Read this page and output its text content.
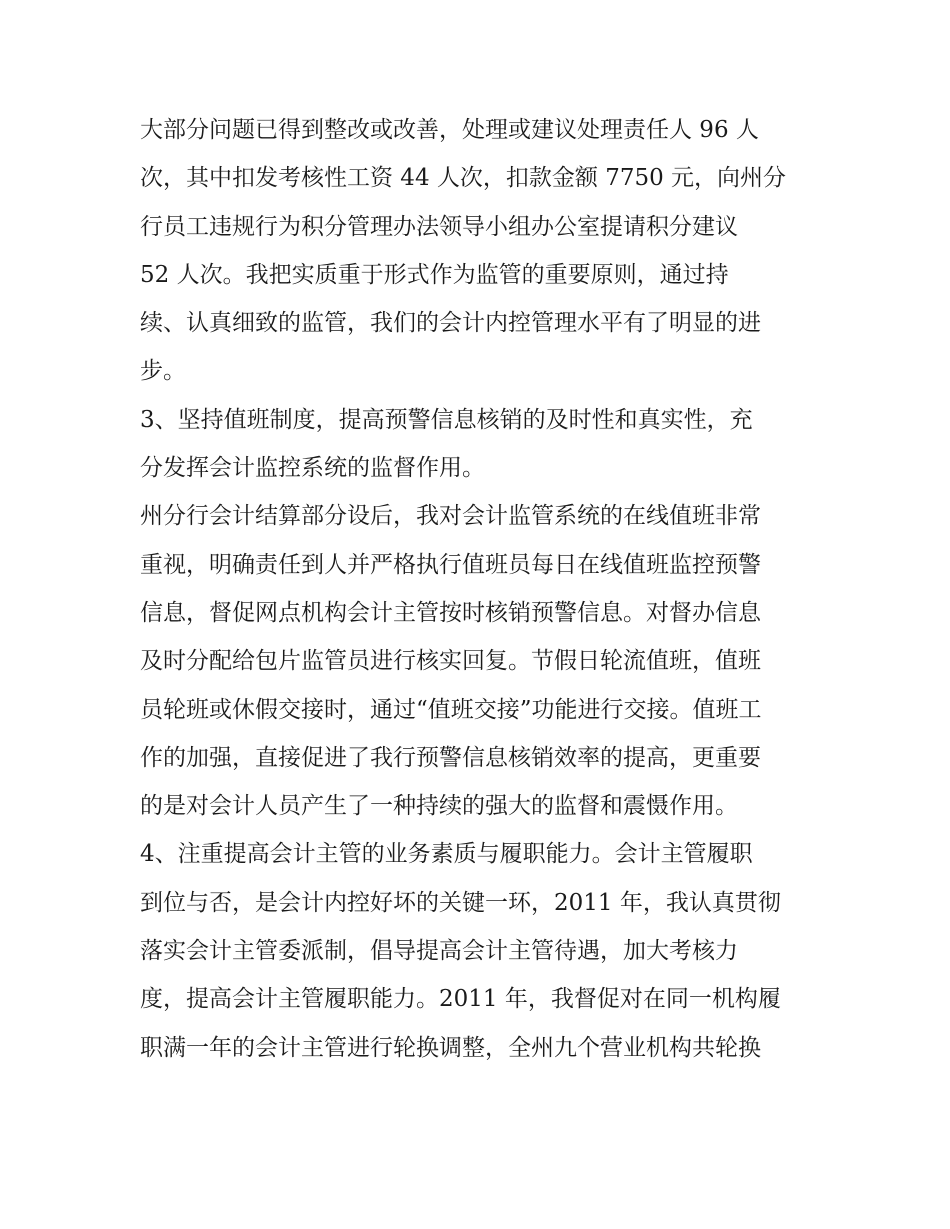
大部分问题已得到整改或改善，处理或建议处理责任人 96 人
次，其中扣发考核性工资 44 人次，扣款金额 7750 元，向州分
行员工违规行为积分管理办法领导小组办公室提请积分建议
52 人次。我把实质重于形式作为监管的重要原则，通过持
续、认真细致的监管，我们的会计内控管理水平有了明显的进
步。
3、坚持值班制度，提高预警信息核销的及时性和真实性，充
分发挥会计监控系统的监督作用。
州分行会计结算部分设后，我对会计监管系统的在线值班非常
重视，明确责任到人并严格执行值班员每日在线值班监控预警
信息，督促网点机构会计主管按时核销预警信息。对督办信息
及时分配给包片监管员进行核实回复。节假日轮流值班，值班
员轮班或休假交接时，通过“值班交接”功能进行交接。值班工
作的加强，直接促进了我行预警信息核销效率的提高，更重要
的是对会计人员产生了一种持续的强大的监督和震慑作用。
4、注重提高会计主管的业务素质与履职能力。会计主管履职
到位与否，是会计内控好坏的关键一环，2011 年，我认真贯彻
落实会计主管委派制，倡导提高会计主管待遇，加大考核力
度，提高会计主管履职能力。2011 年，我督促对在同一机构履
职满一年的会计主管进行轮换调整，全州九个营业机构共轮换
